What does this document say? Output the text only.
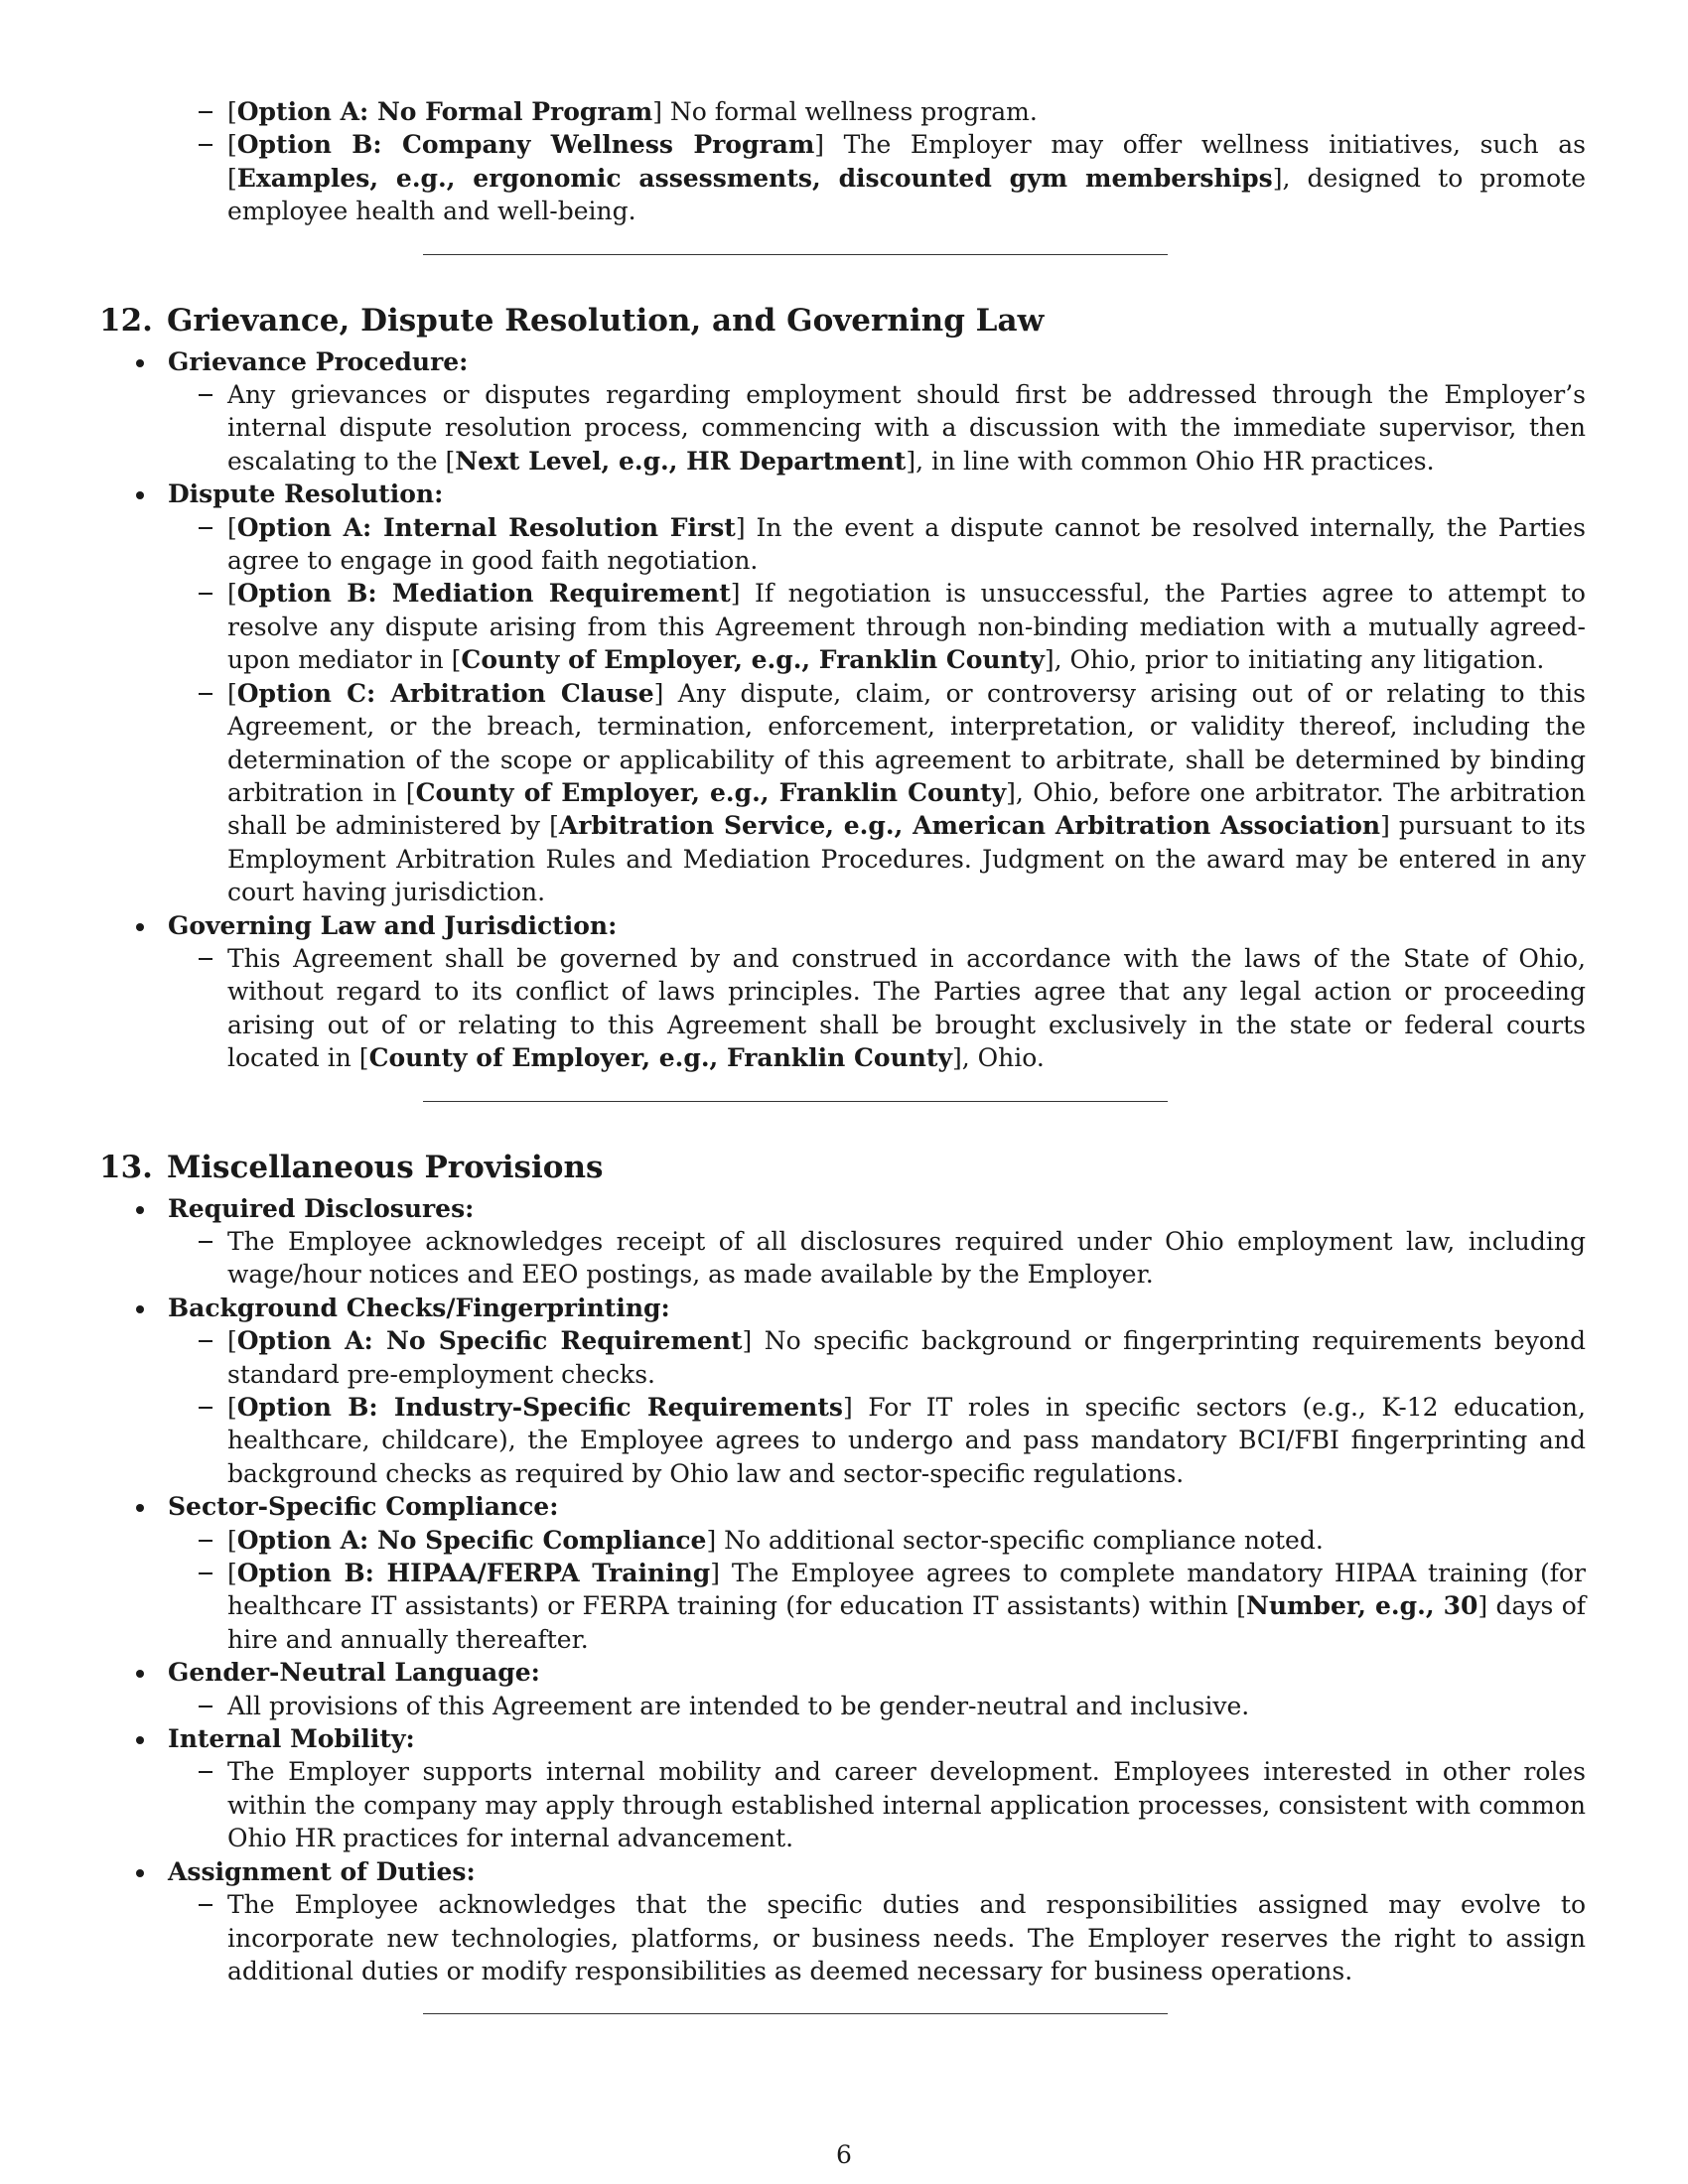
[Option A: No Formal Program] No formal wellness program.
[Option B: Company Wellness Program] The Employer may offer wellness initiatives, such as [Examples, e.g., ergonomic assessments, discounted gym memberships], designed to promote employee health and well-being.
12. Grievance, Dispute Resolution, and Governing Law
Grievance Procedure:
Any grievances or disputes regarding employment should first be addressed through the Employer’s internal dispute resolution process, commencing with a discussion with the immediate supervisor, then escalating to the [Next Level, e.g., HR Department], in line with common Ohio HR practices.
Dispute Resolution:
[Option A: Internal Resolution First] In the event a dispute cannot be resolved internally, the Parties agree to engage in good faith negotiation.
[Option B: Mediation Requirement] If negotiation is unsuccessful, the Parties agree to attempt to resolve any dispute arising from this Agreement through non-binding mediation with a mutually agreed-upon mediator in [County of Employer, e.g., Franklin County], Ohio, prior to initiating any litigation.
[Option C: Arbitration Clause] Any dispute, claim, or controversy arising out of or relating to this Agreement, or the breach, termination, enforcement, interpretation, or validity thereof, including the determination of the scope or applicability of this agreement to arbitrate, shall be determined by binding arbitration in [County of Employer, e.g., Franklin County], Ohio, before one arbitrator. The arbitration shall be administered by [Arbitration Service, e.g., American Arbitration Association] pursuant to its Employment Arbitration Rules and Mediation Procedures. Judgment on the award may be entered in any court having jurisdiction.
Governing Law and Jurisdiction:
This Agreement shall be governed by and construed in accordance with the laws of the State of Ohio, without regard to its conflict of laws principles. The Parties agree that any legal action or proceeding arising out of or relating to this Agreement shall be brought exclusively in the state or federal courts located in [County of Employer, e.g., Franklin County], Ohio.
13. Miscellaneous Provisions
Required Disclosures:
The Employee acknowledges receipt of all disclosures required under Ohio employment law, including wage/hour notices and EEO postings, as made available by the Employer.
Background Checks/Fingerprinting:
[Option A: No Specific Requirement] No specific background or fingerprinting requirements beyond standard pre-employment checks.
[Option B: Industry-Specific Requirements] For IT roles in specific sectors (e.g., K-12 education, healthcare, childcare), the Employee agrees to undergo and pass mandatory BCI/FBI fingerprinting and background checks as required by Ohio law and sector-specific regulations.
Sector-Specific Compliance:
[Option A: No Specific Compliance] No additional sector-specific compliance noted.
[Option B: HIPAA/FERPA Training] The Employee agrees to complete mandatory HIPAA training (for healthcare IT assistants) or FERPA training (for education IT assistants) within [Number, e.g., 30] days of hire and annually thereafter.
Gender-Neutral Language:
All provisions of this Agreement are intended to be gender-neutral and inclusive.
Internal Mobility:
The Employer supports internal mobility and career development. Employees interested in other roles within the company may apply through established internal application processes, consistent with common Ohio HR practices for internal advancement.
Assignment of Duties:
The Employee acknowledges that the specific duties and responsibilities assigned may evolve to incorporate new technologies, platforms, or business needs. The Employer reserves the right to assign additional duties or modify responsibilities as deemed necessary for business operations.
6
